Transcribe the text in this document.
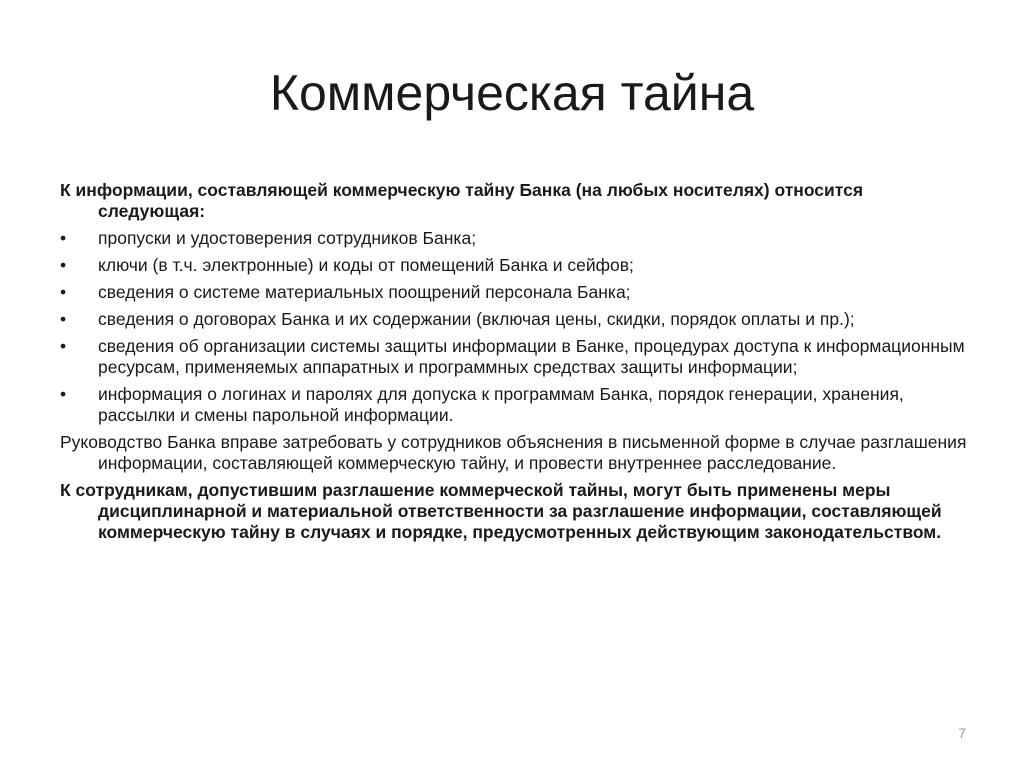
Коммерческая тайна

К информации, составляющей коммерческую тайну Банка (на любых носителях) относится следующая:

•	пропуски и удостоверения сотрудников Банка;
•	ключи (в т.ч. электронные) и коды от помещений Банка и сейфов;
•	сведения о системе материальных поощрений персонала Банка;
•	сведения о договорах Банка и их содержании (включая цены, скидки, порядок оплаты и пр.);
•	сведения об организации системы защиты информации в Банке, процедурах доступа к информационным ресурсам, применяемых аппаратных и программных средствах защиты информации;
•	информация о логинах и паролях для допуска к программам Банка, порядок генерации, хранения, рассылки и смены парольной информации.

Руководство Банка вправе затребовать у сотрудников объяснения в письменной форме в случае разглашения информации, составляющей коммерческую тайну, и провести внутреннее расследование.

К сотрудникам, допустившим разглашение коммерческой тайны, могут быть применены меры дисциплинарной и материальной ответственности за разглашение информации, составляющей коммерческую тайну в случаях и порядке, предусмотренных действующим законодательством.

7
